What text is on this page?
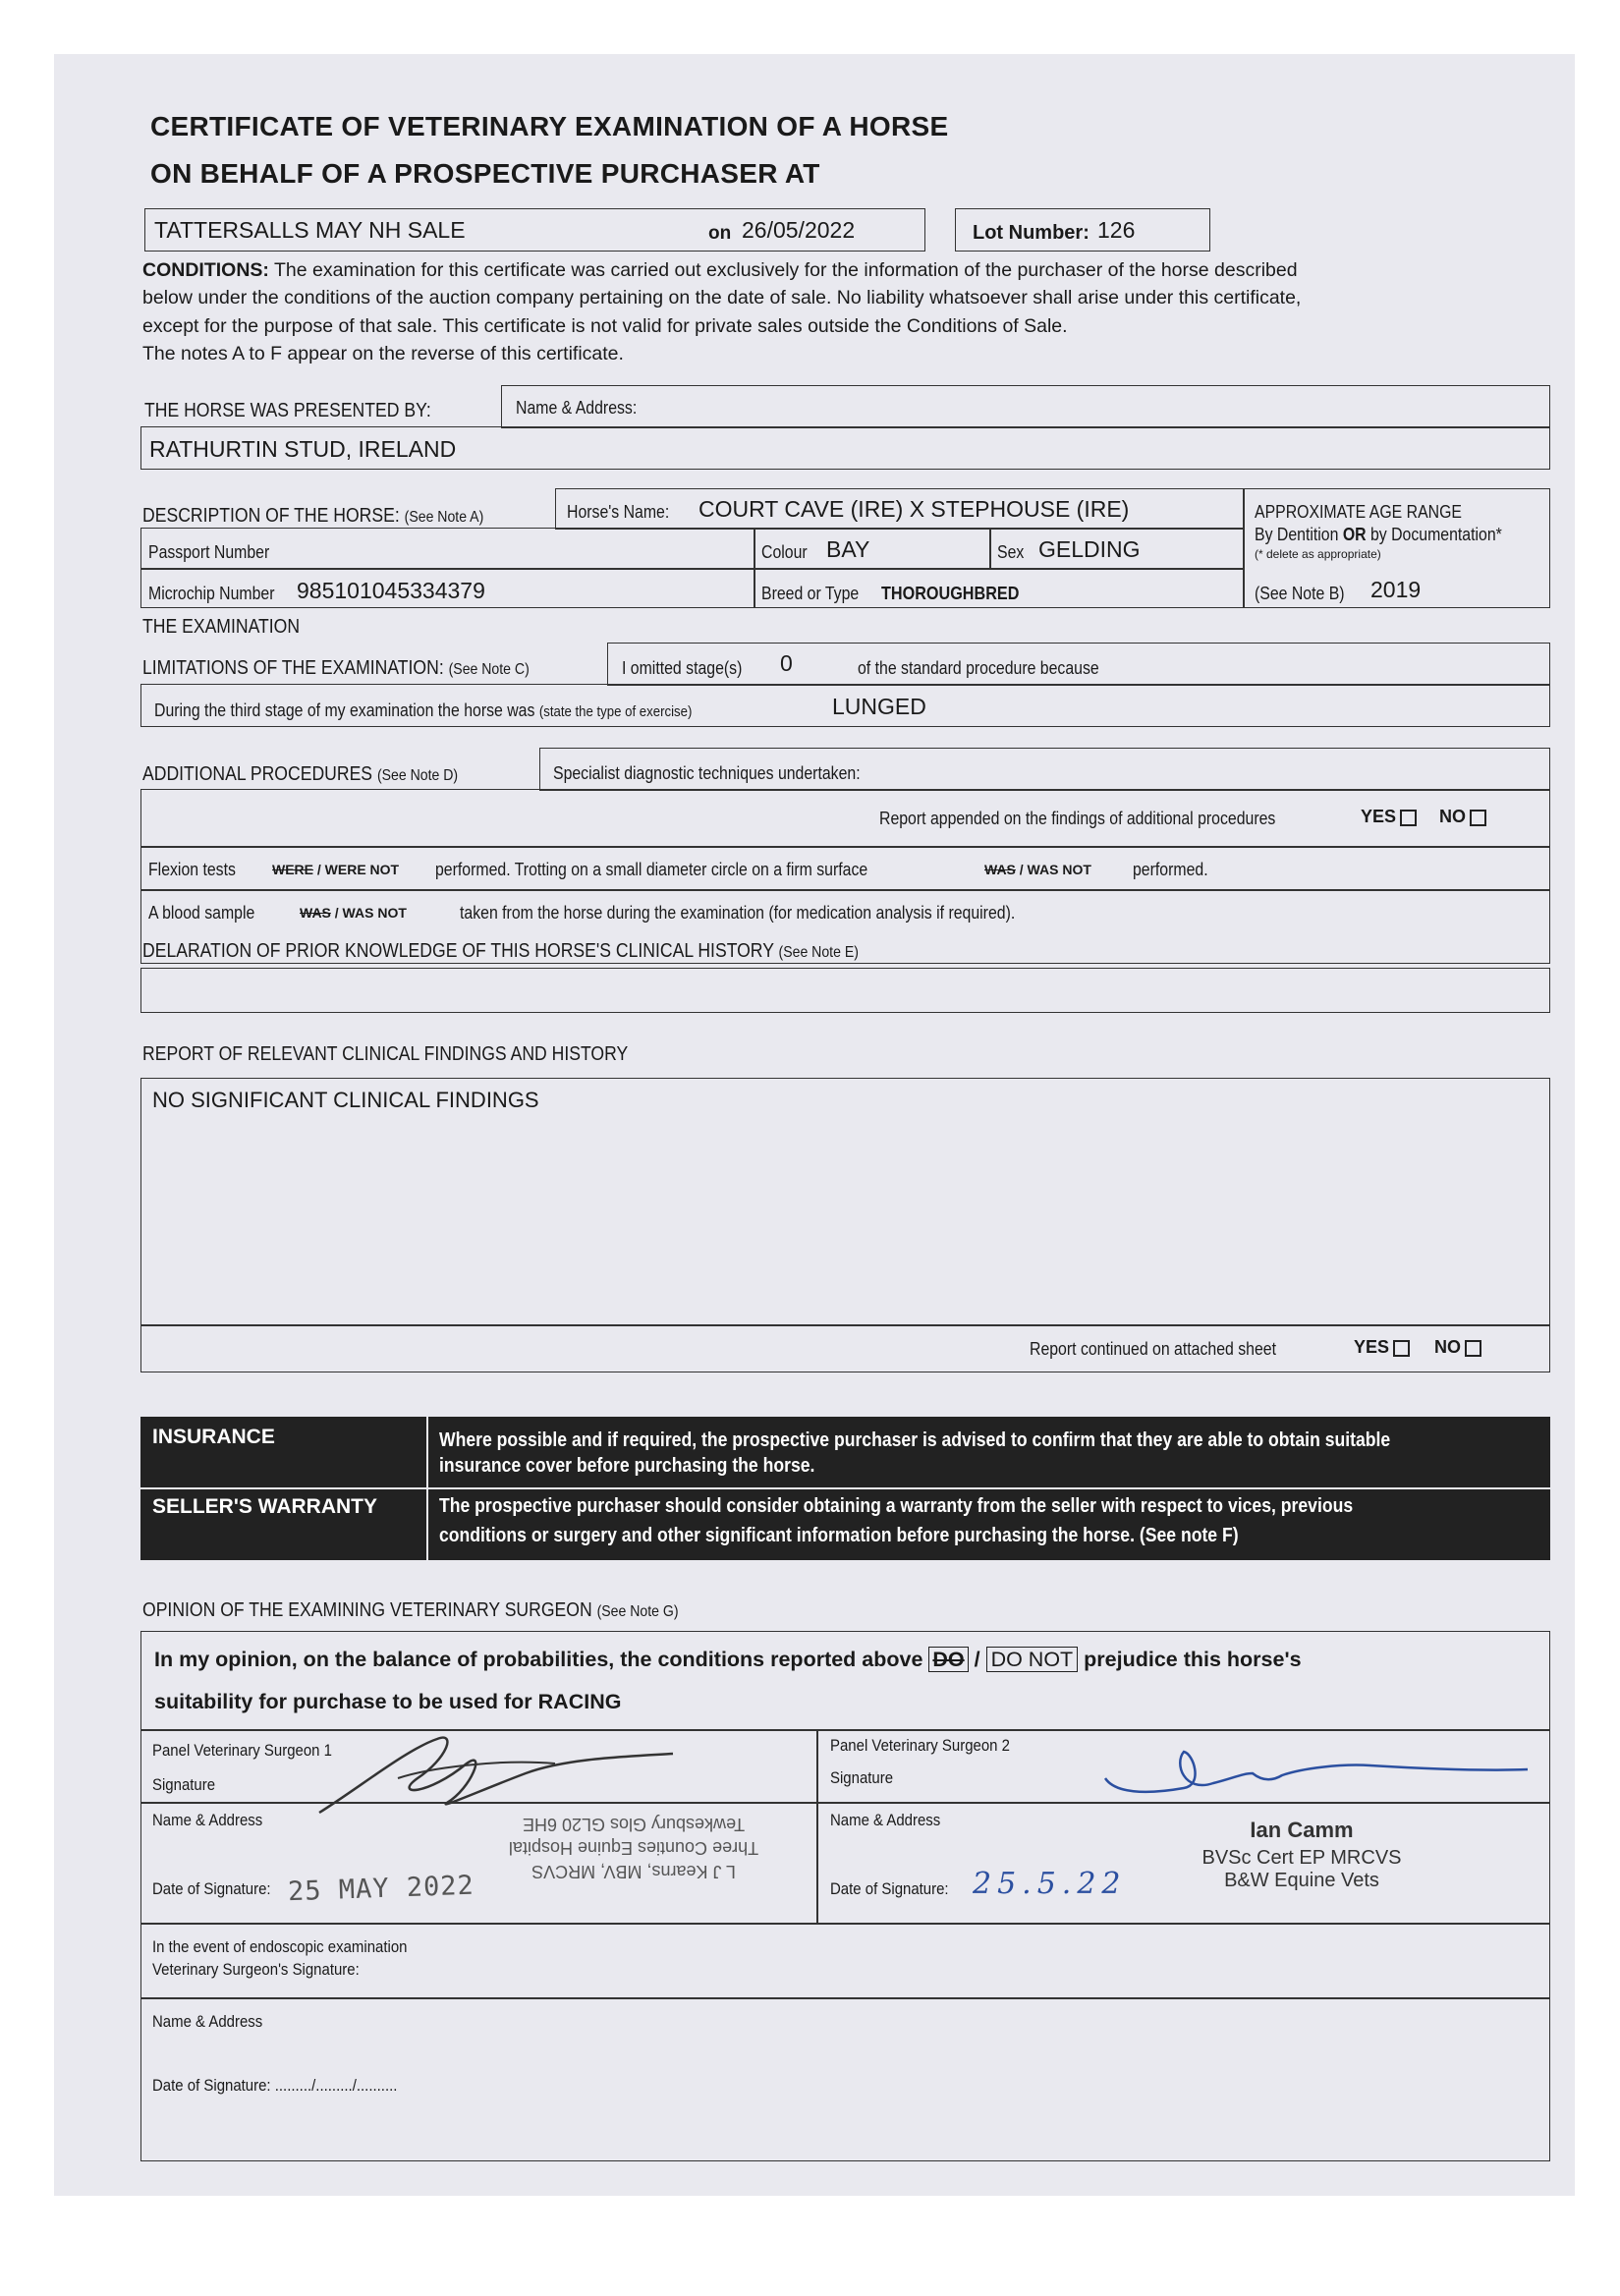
CERTIFICATE OF VETERINARY EXAMINATION OF A HORSE
ON BEHALF OF A PROSPECTIVE PURCHASER AT
TATTERSALLS MAY NH SALE	on 26/05/2022	Lot Number: 126
CONDITIONS: The examination for this certificate was carried out exclusively for the information of the purchaser of the horse described
below under the conditions of the auction company pertaining on the date of sale. No liability whatsoever shall arise under this certificate,
except for the purpose of that sale. This certificate is not valid for private sales outside the Conditions of Sale.
The notes A to F appear on the reverse of this certificate.
THE HORSE WAS PRESENTED BY:	Name & Address:
RATHURTIN STUD, IRELAND
DESCRIPTION OF THE HORSE: (See Note A)	Horse's Name: COURT CAVE (IRE) X STEPHOUSE (IRE)
Passport Number	Colour BAY	Sex GELDING
Microchip Number 985101045334379	Breed or Type THOROUGHBRED
APPROXIMATE AGE RANGE
By Dentition OR by Documentation*
(* delete as appropriate)
(See Note B) 2019
THE EXAMINATION
LIMITATIONS OF THE EXAMINATION: (See Note C)	I omitted stage(s) 0	of the standard procedure because
During the third stage of my examination the horse was (state the type of exercise)	LUNGED
ADDITIONAL PROCEDURES (See Note D)	Specialist diagnostic techniques undertaken:
Report appended on the findings of additional procedures	YES	NO
Flexion tests	WERE / WERE NOT performed. Trotting on a small diameter circle on a firm surface	WAS / WAS NOT performed.
A blood sample	WAS / WAS NOT	taken from the horse during the examination (for medication analysis if required).
DELARATION OF PRIOR KNOWLEDGE OF THIS HORSE'S CLINICAL HISTORY (See Note E)
REPORT OF RELEVANT CLINICAL FINDINGS AND HISTORY
NO SIGNIFICANT CLINICAL FINDINGS
Report continued on attached sheet	YES	NO
INSURANCE	Where possible and if required, the prospective purchaser is advised to confirm that they are able to obtain suitable
insurance cover before purchasing the horse.
SELLER'S WARRANTY	The prospective purchaser should consider obtaining a warranty from the seller with respect to vices, previous
conditions or surgery and other significant information before purchasing the horse. (See note F)
OPINION OF THE EXAMINING VETERINARY SURGEON (See Note G)
In my opinion, on the balance of probabilities, the conditions reported above DO / DO NOT prejudice this horse's
suitability for purchase to be used for RACING
Panel Veterinary Surgeon 1
Signature
Name & Address
Date of Signature: 25 MAY 2022	L J Kearns, MBV, MRCVS
Three Counties Equine Hospital
Tewkesbury Glos GL20 6HE
Panel Veterinary Surgeon 2
Signature
Name & Address
Date of Signature: 25.5.22
Ian Camm
BVSc Cert EP MRCVS
B&W Equine Vets
In the event of endoscopic examination
Veterinary Surgeon's Signature:
Name & Address
Date of Signature: ........./........./..........
